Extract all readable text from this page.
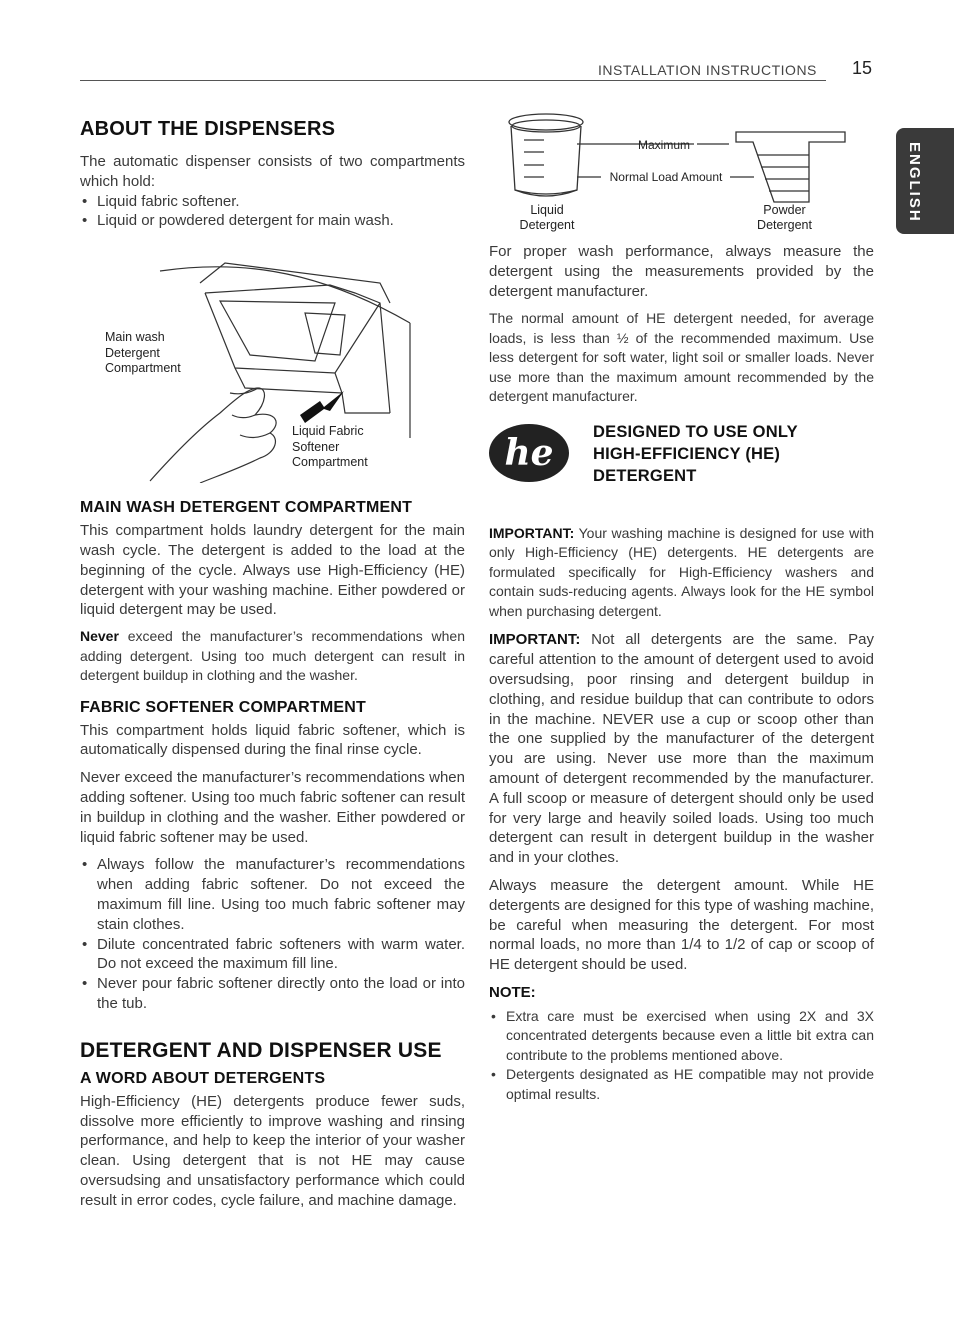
INSTALLATION INSTRUCTIONS 15
ENGLISH
ABOUT THE DISPENSERS

The automatic dispenser consists of two compartments which hold:

• Liquid fabric softener.
• Liquid or powdered detergent for main wash.
Main wash Detergent Compartment
Liquid Fabric Softener Compartment
MAIN WASH DETERGENT COMPARTMENT

This compartment holds laundry detergent for the main wash cycle. The detergent is added to the load at the beginning of the cycle. Always use High-Efficiency (HE) detergent with your washing machine. Either powdered or liquid detergent may be used.

Never exceed the manufacturer’s recommendations when adding detergent. Using too much detergent can result in detergent buildup in clothing and the washer.

FABRIC SOFTENER COMPARTMENT

This compartment holds liquid fabric softener, which is automatically dispensed during the final rinse cycle.

Never exceed the manufacturer’s recommendations when adding softener. Using too much fabric softener can result in buildup in clothing and the washer. Either powdered or liquid fabric softener may be used.

• Always follow the manufacturer’s recommendations when adding fabric softener. Do not exceed the maximum fill line. Using too much fabric softener may stain clothes.
• Dilute concentrated fabric softeners with warm water. Do not exceed the maximum fill line.
• Never pour fabric softener directly onto the load or into the tub.
DETERGENT AND DISPENSER USE
A WORD ABOUT DETERGENTS

High-Efficiency (HE) detergents produce fewer suds, dissolve more efficiently to improve washing and rinsing performance, and help to keep the interior of your washer clean. Using detergent that is not HE may cause oversudsing and unsatisfactory performance which could result in error codes, cycle failure, and machine damage.

Maximum
Normal Load Amount
Liquid Detergent
Powder Detergent

For proper wash performance, always measure the detergent using the measurements provided by the detergent manufacturer.

The normal amount of HE detergent needed, for average loads, is less than ½ of the recommended maximum. Use less detergent for soft water, light soil or smaller loads. Never use more than the maximum amount recommended by the detergent manufacturer.

he DESIGNED TO USE ONLY HIGH-EFFICIENCY (HE) DETERGENT

IMPORTANT: Your washing machine is designed for use with only High-Efficiency (HE) detergents. HE detergents are formulated specifically for High-Efficiency washers and contain suds-reducing agents. Always look for the HE symbol when purchasing detergent.

IMPORTANT: Not all detergents are the same. Pay careful attention to the amount of detergent used to avoid oversudsing, poor rinsing and detergent buildup in clothing, and residue buildup that can contribute to odors in the machine. NEVER use a cup or scoop other than the one supplied by the manufacturer of the detergent you are using. Never use more than the maximum amount of detergent recommended by the manufacturer. A full scoop or measure of detergent should only be used for very large and heavily soiled loads. Using too much detergent can result in detergent buildup in the washer and in your clothes.

Always measure the detergent amount. While HE detergents are designed for this type of washing machine, be careful when measuring the detergent. For most normal loads, no more than 1/4 to 1/2 of cap or scoop of HE detergent should be used.

NOTE:
• Extra care must be exercised when using 2X and 3X concentrated detergents because even a little bit extra can contribute to the problems mentioned above.
• Detergents designated as HE compatible may not provide optimal results.
